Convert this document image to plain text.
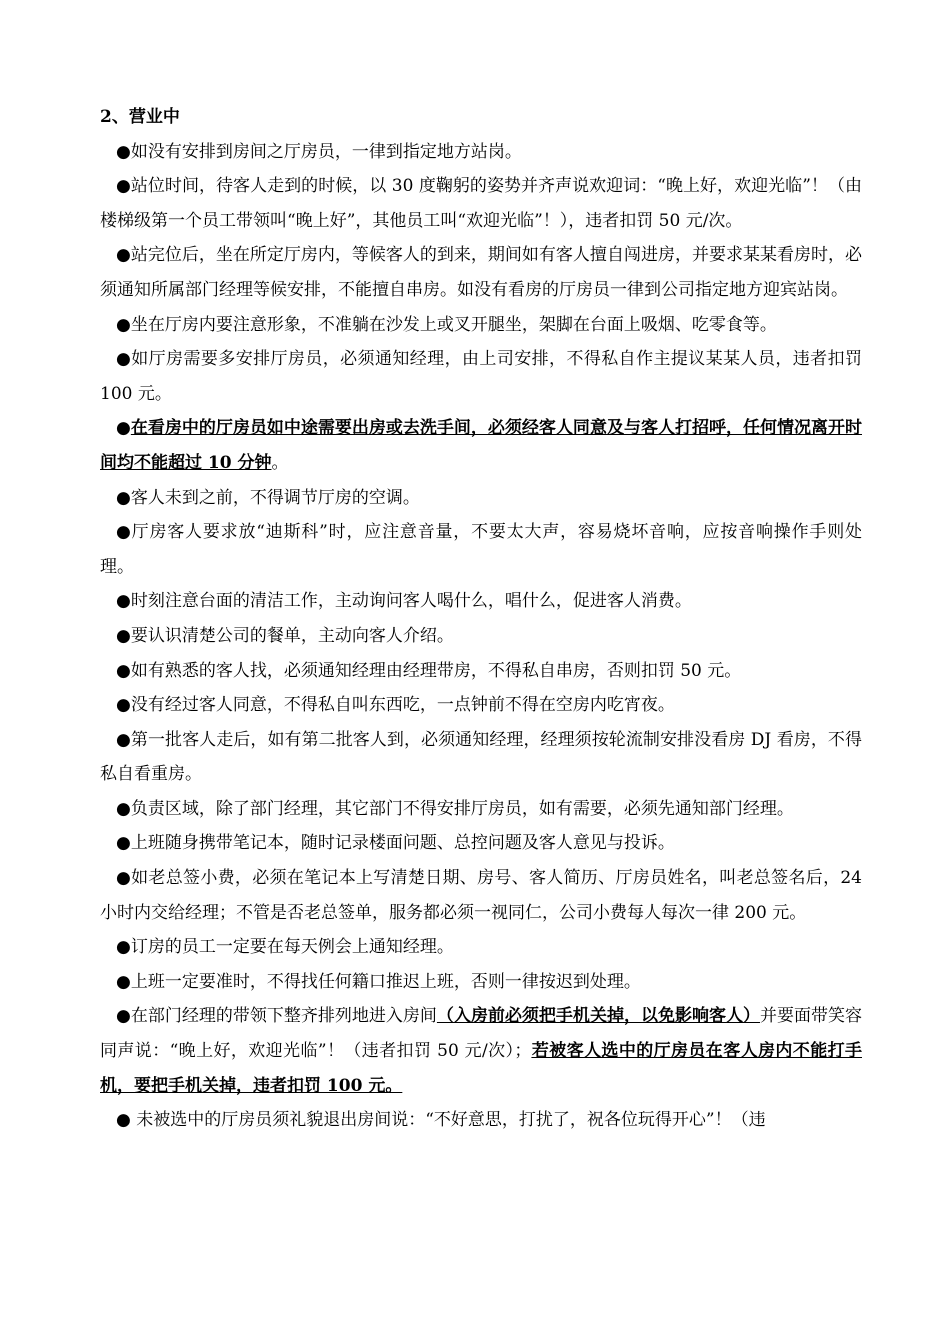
2、营业中

●如没有安排到房间之厅房员，一律到指定地方站岗。

●站位时间，待客人走到的时候，以 30 度鞠躬的姿势并齐声说欢迎词：“晚上好，欢迎光临”！（由楼梯级第一个员工带领叫“晚上好”，其他员工叫“欢迎光临”！），违者扣罚 50 元/次。

●站完位后，坐在所定厅房内，等候客人的到来，期间如有客人擅自闯进房，并要求某某看房时，必须通知所属部门经理等候安排，不能擅自串房。如没有看房的厅房员一律到公司指定地方迎宾站岗。

●坐在厅房内要注意形象，不准躺在沙发上或叉开腿坐，架脚在台面上吸烟、吃零食等。

●如厅房需要多安排厅房员，必须通知经理，由上司安排，不得私自作主提议某某人员，违者扣罚 100 元。

●在看房中的厅房员如中途需要出房或去洗手间，必须经客人同意及与客人打招呼，任何情况离开时间均不能超过 10 分钟。

●客人未到之前，不得调节厅房的空调。

●厅房客人要求放“迪斯科”时，应注意音量，不要太大声，容易烧坏音响，应按音响操作手则处理。

●时刻注意台面的清洁工作，主动询问客人喝什么，唱什么，促进客人消费。

●要认识清楚公司的餐单，主动向客人介绍。

●如有熟悉的客人找，必须通知经理由经理带房，不得私自串房，否则扣罚 50 元。

●没有经过客人同意，不得私自叫东西吃，一点钟前不得在空房内吃宵夜。

●第一批客人走后，如有第二批客人到，必须通知经理，经理须按轮流制安排没看房 DJ 看房，不得私自看重房。

●负责区域，除了部门经理，其它部门不得安排厅房员，如有需要，必须先通知部门经理。

●上班随身携带笔记本，随时记录楼面问题、总控问题及客人意见与投诉。

●如老总签小费，必须在笔记本上写清楚日期、房号、客人简历、厅房员姓名，叫老总签名后，24 小时内交给经理；不管是否老总签单，服务都必须一视同仁，公司小费每人每次一律 200 元。

●订房的员工一定要在每天例会上通知经理。

●上班一定要准时，不得找任何籍口推迟上班，否则一律按迟到处理。

●在部门经理的带领下整齐排列地进入房间（入房前必须把手机关掉，以免影响客人）并要面带笑容同声说：“晚上好，欢迎光临”！（违者扣罚 50 元/次）；若被客人选中的厅房员在客人房内不能打手机，要把手机关掉，违者扣罚 100 元。

● 未被选中的厅房员须礼貌退出房间说：“不好意思，打扰了，祝各位玩得开心”！（违
